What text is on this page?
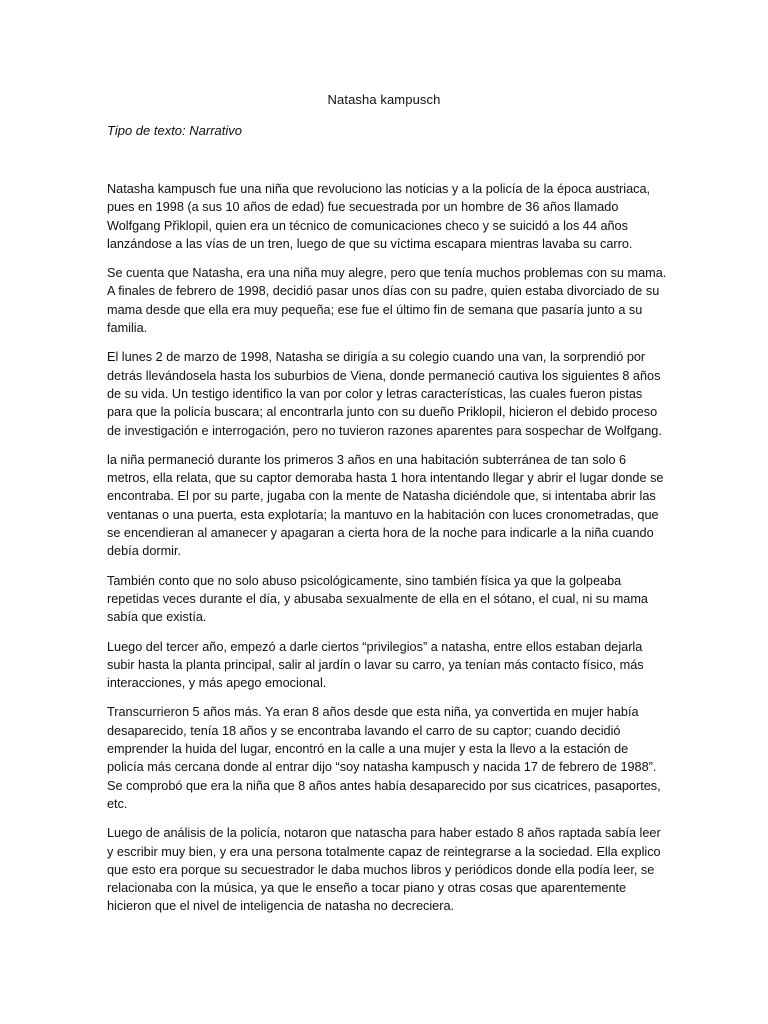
Natasha kampusch
Tipo de texto: Narrativo

Natasha kampusch fue una niña que revoluciono las noticias y a la policía de la época austriaca, pues en 1998 (a sus 10 años de edad) fue secuestrada por un hombre de 36 años llamado Wolfgang Přiklopil, quien era un técnico de comunicaciones checo y se suicidó a los 44 años lanzándose a las vías de un tren, luego de que su víctima escapara mientras lavaba su carro.

Se cuenta que Natasha, era una niña muy alegre, pero que tenía muchos problemas con su mama. A finales de febrero de 1998, decidió pasar unos días con su padre, quien estaba divorciado de su mama desde que ella era muy pequeña; ese fue el último fin de semana que pasaría junto a su familia.

El lunes 2 de marzo de 1998, Natasha se dirigía a su colegio cuando una van, la sorprendió por detrás llevándosela hasta los suburbios de Viena, donde permaneció cautiva los siguientes 8 años de su vida. Un testigo identifico la van por color y letras características, las cuales fueron pistas para que la policía buscara; al encontrarla junto con su dueño Priklopil, hicieron el debido proceso de investigación e interrogación, pero no tuvieron razones aparentes para sospechar de Wolfgang.

la niña permaneció durante los primeros 3 años en una habitación subterránea de tan solo 6 metros, ella relata, que su captor demoraba hasta 1 hora intentando llegar y abrir el lugar donde se encontraba. El por su parte, jugaba con la mente de Natasha diciéndole que, si intentaba abrir las ventanas o una puerta, esta explotaría; la mantuvo en la habitación con luces cronometradas, que se encendieran al amanecer y apagaran a cierta hora de la noche para indicarle a la niña cuando debía dormir.

También conto que no solo abuso psicológicamente, sino también física ya que la golpeaba repetidas veces durante el día, y abusaba sexualmente de ella en el sótano, el cual, ni su mama sabía que existía.

Luego del tercer año, empezó a darle ciertos “privilegios” a natasha, entre ellos estaban dejarla subir hasta la planta principal, salir al jardín o lavar su carro, ya tenían más contacto físico, más interacciones, y más apego emocional.

Transcurrieron 5 años más. Ya eran 8 años desde que esta niña, ya convertida en mujer había desaparecido, tenía 18 años y se encontraba lavando el carro de su captor; cuando decidió emprender la huida del lugar, encontró en la calle a una mujer y esta la llevo a la estación de policía más cercana donde al entrar dijo “soy natasha kampusch y nacida 17 de febrero de 1988”. Se comprobó que era la niña que 8 años antes había desaparecido por sus cicatrices, pasaportes, etc.

Luego de análisis de la policía, notaron que natascha para haber estado 8 años raptada sabía leer y escribir muy bien, y era una persona totalmente capaz de reintegrarse a la sociedad. Ella explico que esto era porque su secuestrador le daba muchos libros y periódicos donde ella podía leer, se relacionaba con la música, ya que le enseño a tocar piano y otras cosas que aparentemente hicieron que el nivel de inteligencia de natasha no decreciera.
